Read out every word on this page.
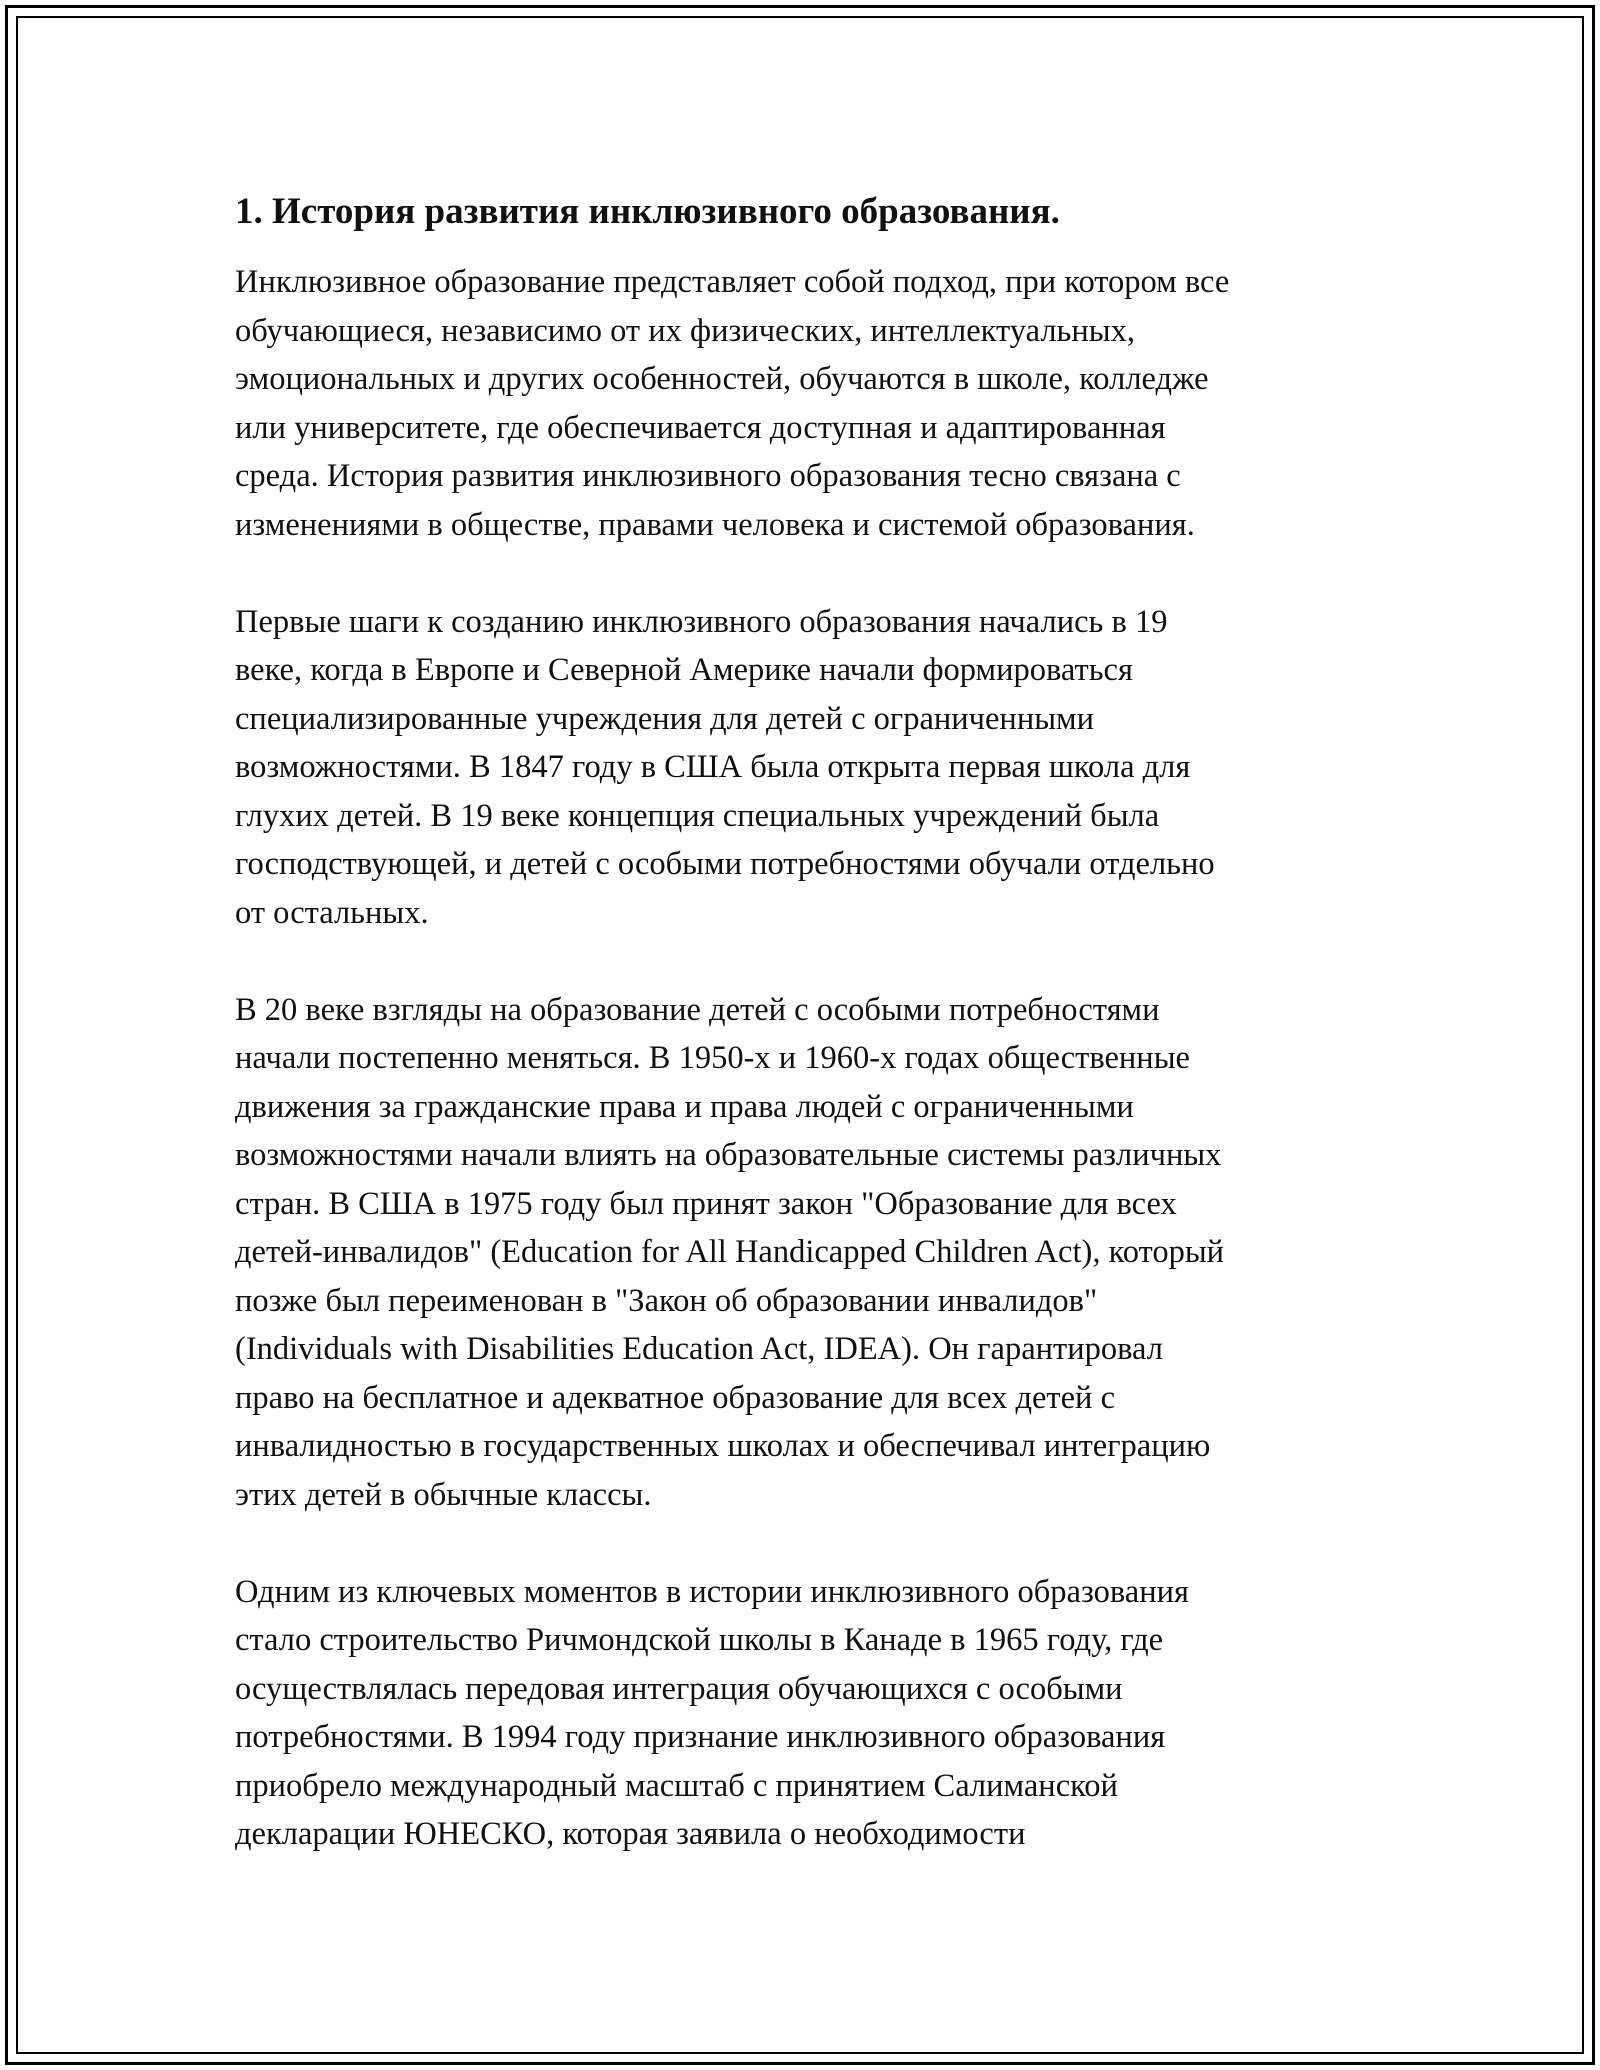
1. История развития инклюзивного образования.

Инклюзивное образование представляет собой подход, при котором все
обучающиеся, независимо от их физических, интеллектуальных,
эмоциональных и других особенностей, обучаются в школе, колледже
или университете, где обеспечивается доступная и адаптированная
среда. История развития инклюзивного образования тесно связана с
изменениями в обществе, правами человека и системой образования.

Первые шаги к созданию инклюзивного образования начались в 19
веке, когда в Европе и Северной Америке начали формироваться
специализированные учреждения для детей с ограниченными
возможностями. В 1847 году в США была открыта первая школа для
глухих детей. В 19 веке концепция специальных учреждений была
господствующей, и детей с особыми потребностями обучали отдельно
от остальных.

В 20 веке взгляды на образование детей с особыми потребностями
начали постепенно меняться. В 1950-х и 1960-х годах общественные
движения за гражданские права и права людей с ограниченными
возможностями начали влиять на образовательные системы различных
стран. В США в 1975 году был принят закон "Образование для всех
детей-инвалидов" (Education for All Handicapped Children Act), который
позже был переименован в "Закон об образовании инвалидов"
(Individuals with Disabilities Education Act, IDEA). Он гарантировал
право на бесплатное и адекватное образование для всех детей с
инвалидностью в государственных школах и обеспечивал интеграцию
этих детей в обычные классы.

Одним из ключевых моментов в истории инклюзивного образования
стало строительство Ричмондской школы в Канаде в 1965 году, где
осуществлялась передовая интеграция обучающихся с особыми
потребностями. В 1994 году признание инклюзивного образования
приобрело международный масштаб с принятием Салиманской
декларации ЮНЕСКО, которая заявила о необходимости
